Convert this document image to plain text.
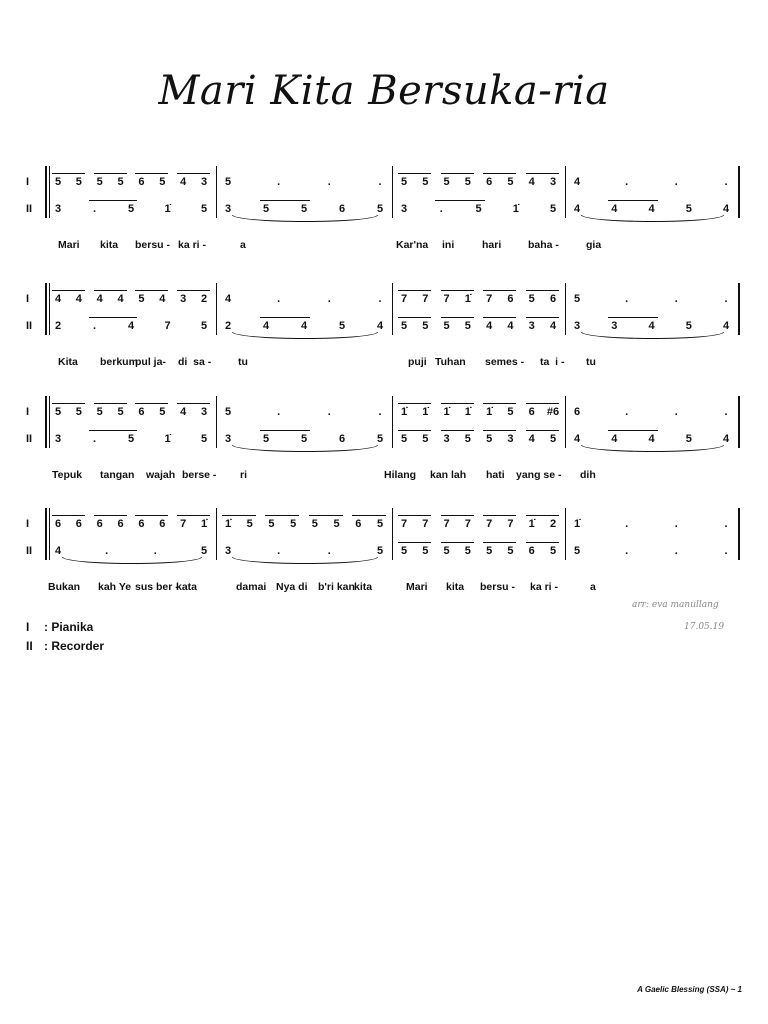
Mari Kita Bersuka-ria
I
II
5	5	5	5	6	5	4	3
3	.	5	1̇	5
Mari kita bersu - ka ri -
5	.	.	.
3	5	5	6	5
a
5	5	5	5	6	5	4	3
3	.	5	1̇	5
Kar'na ini	hari	baha -
4	.	.	.
4	4	4	5	4
gia
I
II
4	4	4	4	5	4	3	2
2	.	4	7	5
Kita berkum
pul ja- di  sa -
4	.	.	.
2	4	4	5	4
tu
7	7	7	1̇	7	6	5	6
5	5	5	5	4	4	3	4
puji Tuhan semes - ta  i -
5	.	.	.
3	3	4	5	4
tu
I
II
5	5	5	5	6	5	4	3
3	.	5	1̇	5
Tepuk tangan wajah berse -
5	.	.	.
3	5	5	6	5
ri
1̇	1̇	1̇	1̇	1̇	5	6	#6
5	5	3	5	5	3	4	5
Hilang kan lah hati yang se -
6	.	.	.
4	4	4	5	4
dih
I
II
6	6	6	6	6	6	7	1̇
4	.	.	5
Bukan kah Ye sus ber -
kata
1̇	5	5	5	5	5	6	5
3	.	.	5
damai Nya di b'ri kan kita
7	7	7	7	7	7	1̇	2
5	5	5	5	5	5	6	5
Mari kita bersu - ka ri -
1̇	.	.	.
5	.	.	.
a
arr: eva manullang
17.05.19
I : Pianika
II : Recorder
A Gaelic Blessing (SSA) ~ 1
